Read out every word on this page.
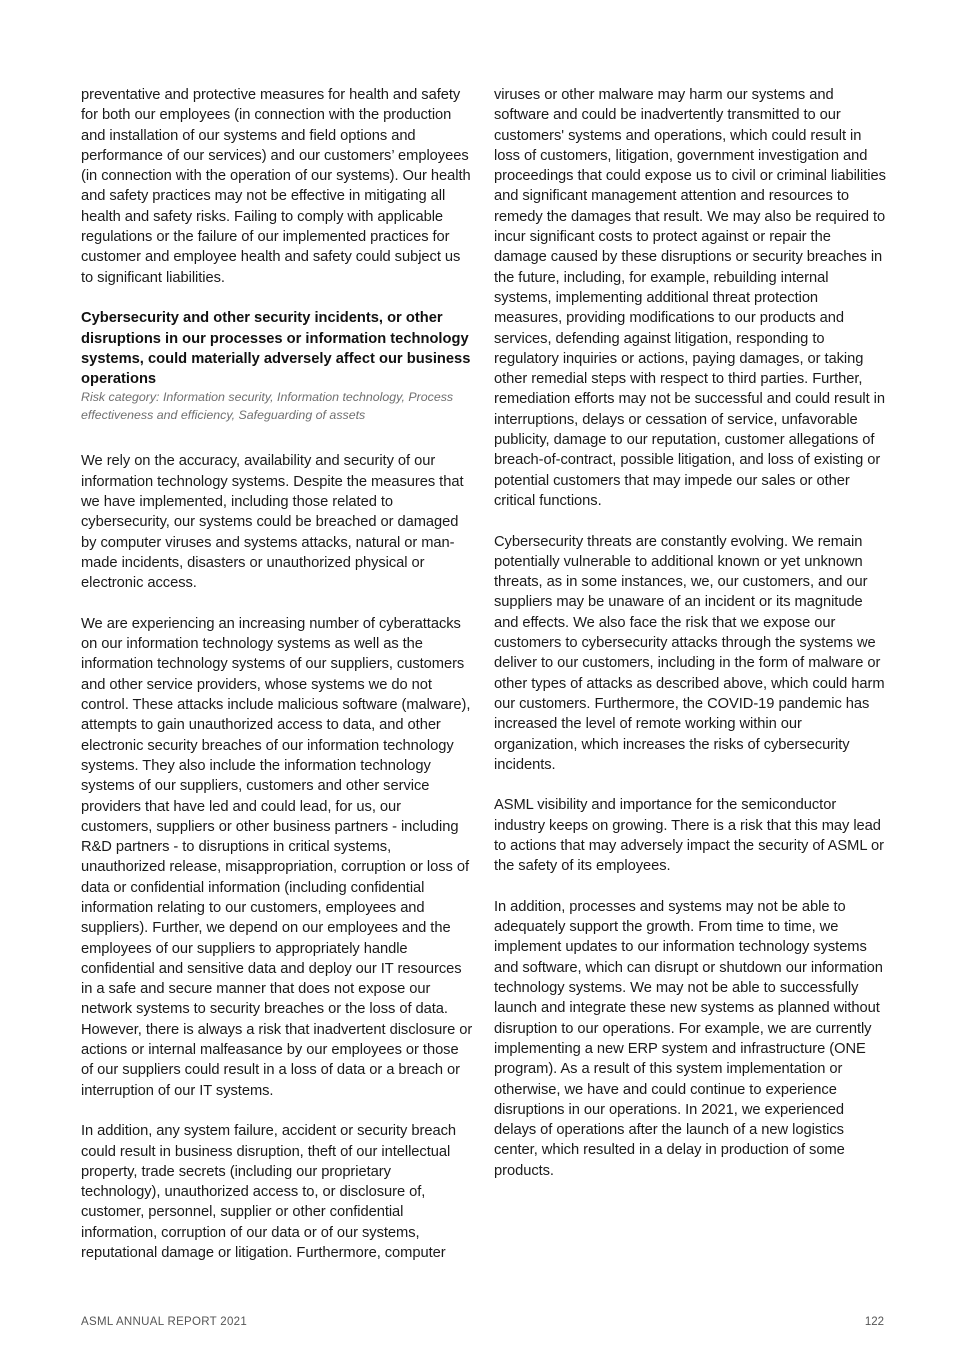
preventative and protective measures for health and safety for both our employees (in connection with the production and installation of our systems and field options and performance of our services) and our customers’ employees (in connection with the operation of our systems). Our health and safety practices may not be effective in mitigating all health and safety risks. Failing to comply with applicable regulations or the failure of our implemented practices for customer and employee health and safety could subject us to significant liabilities.

Cybersecurity and other security incidents, or other disruptions in our processes or information technology systems, could materially adversely affect our business operations

Risk category: Information security, Information technology, Process effectiveness and efficiency, Safeguarding of assets

We rely on the accuracy, availability and security of our information technology systems. Despite the measures that we have implemented, including those related to cybersecurity, our systems could be breached or damaged by computer viruses and systems attacks, natural or man-made incidents, disasters or unauthorized physical or electronic access.

We are experiencing an increasing number of cyberattacks on our information technology systems as well as the information technology systems of our suppliers, customers and other service providers, whose systems we do not control. These attacks include malicious software (malware), attempts to gain unauthorized access to data, and other electronic security breaches of our information technology systems. They also include the information technology systems of our suppliers, customers and other service providers that have led and could lead, for us, our customers, suppliers or other business partners - including R&D partners - to disruptions in critical systems, unauthorized release, misappropriation, corruption or loss of data or confidential information (including confidential information relating to our customers, employees and suppliers). Further, we depend on our employees and the employees of our suppliers to appropriately handle confidential and sensitive data and deploy our IT resources in a safe and secure manner that does not expose our network systems to security breaches or the loss of data. However, there is always a risk that inadvertent disclosure or actions or internal malfeasance by our employees or those of our suppliers could result in a loss of data or a breach or interruption of our IT systems.

In addition, any system failure, accident or security breach could result in business disruption, theft of our intellectual property, trade secrets (including our proprietary technology), unauthorized access to, or disclosure of, customer, personnel, supplier or other confidential information, corruption of our data or of our systems, reputational damage or litigation. Furthermore, computer

viruses or other malware may harm our systems and software and could be inadvertently transmitted to our customers' systems and operations, which could result in loss of customers, litigation, government investigation and proceedings that could expose us to civil or criminal liabilities and significant management attention and resources to remedy the damages that result. We may also be required to incur significant costs to protect against or repair the damage caused by these disruptions or security breaches in the future, including, for example, rebuilding internal systems, implementing additional threat protection measures, providing modifications to our products and services, defending against litigation, responding to regulatory inquiries or actions, paying damages, or taking other remedial steps with respect to third parties. Further, remediation efforts may not be successful and could result in interruptions, delays or cessation of service, unfavorable publicity, damage to our reputation, customer allegations of breach-of-contract, possible litigation, and loss of existing or potential customers that may impede our sales or other critical functions.

Cybersecurity threats are constantly evolving. We remain potentially vulnerable to additional known or yet unknown threats, as in some instances, we, our customers, and our suppliers may be unaware of an incident or its magnitude and effects. We also face the risk that we expose our customers to cybersecurity attacks through the systems we deliver to our customers, including in the form of malware or other types of attacks as described above, which could harm our customers. Furthermore, the COVID-19 pandemic has increased the level of remote working within our organization, which increases the risks of cybersecurity incidents.

ASML visibility and importance for the semiconductor industry keeps on growing. There is a risk that this may lead to actions that may adversely impact the security of ASML or the safety of its employees.

In addition, processes and systems may not be able to adequately support the growth. From time to time, we implement updates to our information technology systems and software, which can disrupt or shutdown our information technology systems. We may not be able to successfully launch and integrate these new systems as planned without disruption to our operations. For example, we are currently implementing a new ERP system and infrastructure (ONE program). As a result of this system implementation or otherwise, we have and could continue to experience disruptions in our operations. In 2021, we experienced delays of operations after the launch of a new logistics center, which resulted in a delay in production of some products.

ASML ANNUAL REPORT 2021	122
